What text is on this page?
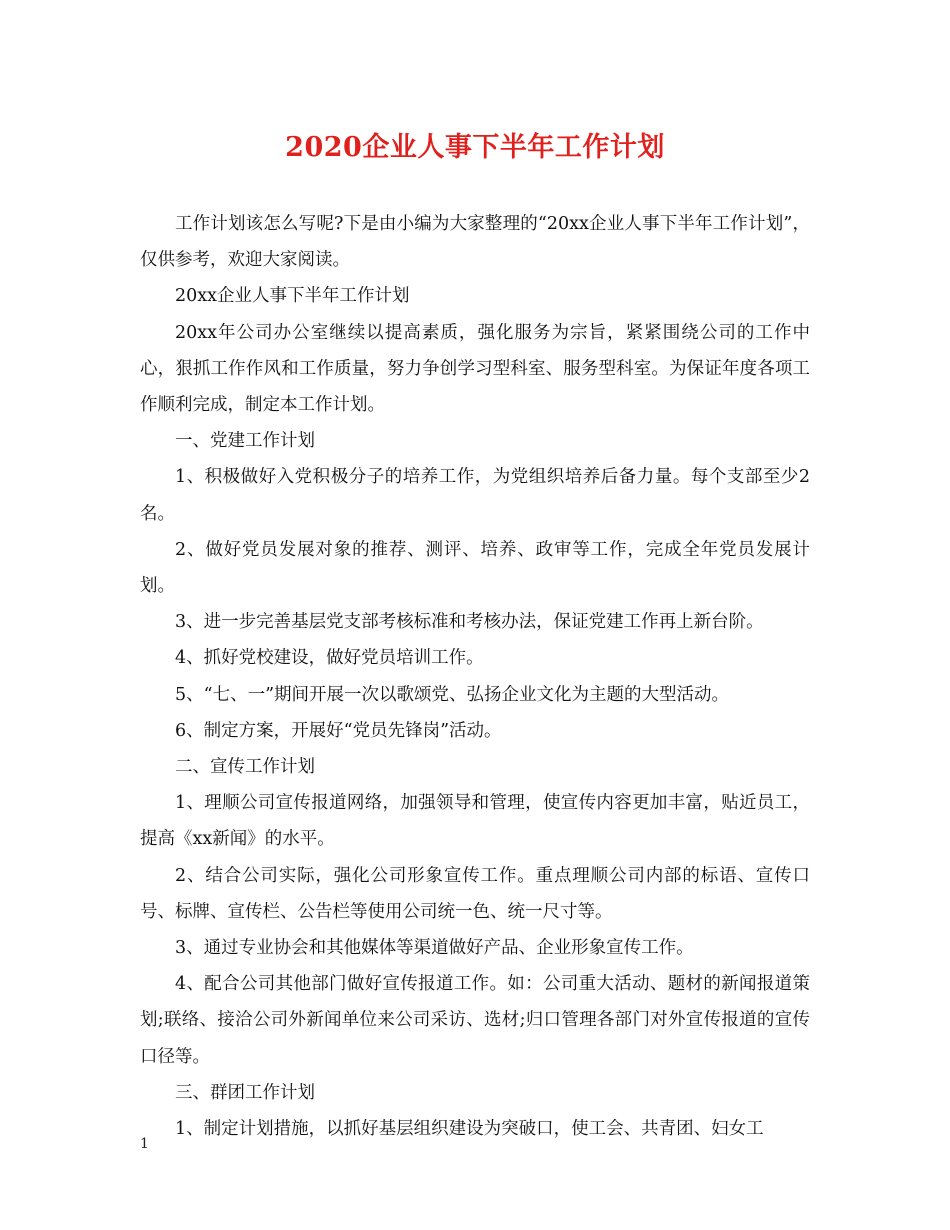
2020企业人事下半年工作计划

工作计划该怎么写呢?下是由小编为大家整理的“20xx企业人事下半年工作计划”，仅供参考，欢迎大家阅读。

20xx企业人事下半年工作计划

20xx年公司办公室继续以提高素质，强化服务为宗旨，紧紧围绕公司的工作中心，狠抓工作作风和工作质量，努力争创学习型科室、服务型科室。为保证年度各项工作顺利完成，制定本工作计划。

一、党建工作计划

1、积极做好入党积极分子的培养工作，为党组织培养后备力量。每个支部至少2名。

2、做好党员发展对象的推荐、测评、培养、政审等工作，完成全年党员发展计划。

3、进一步完善基层党支部考核标准和考核办法，保证党建工作再上新台阶。

4、抓好党校建设，做好党员培训工作。

5、“七、一”期间开展一次以歌颂党、弘扬企业文化为主题的大型活动。

6、制定方案，开展好“党员先锋岗”活动。

二、宣传工作计划

1、理顺公司宣传报道网络，加强领导和管理，使宣传内容更加丰富，贴近员工，提高《xx新闻》的水平。

2、结合公司实际，强化公司形象宣传工作。重点理顺公司内部的标语、宣传口号、标牌、宣传栏、公告栏等使用公司统一色、统一尺寸等。

3、通过专业协会和其他媒体等渠道做好产品、企业形象宣传工作。

4、配合公司其他部门做好宣传报道工作。如：公司重大活动、题材的新闻报道策划;联络、接洽公司外新闻单位来公司采访、选材;归口管理各部门对外宣传报道的宣传口径等。

三、群团工作计划

1、制定计划措施，以抓好基层组织建设为突破口，使工会、共青团、妇女工

1
